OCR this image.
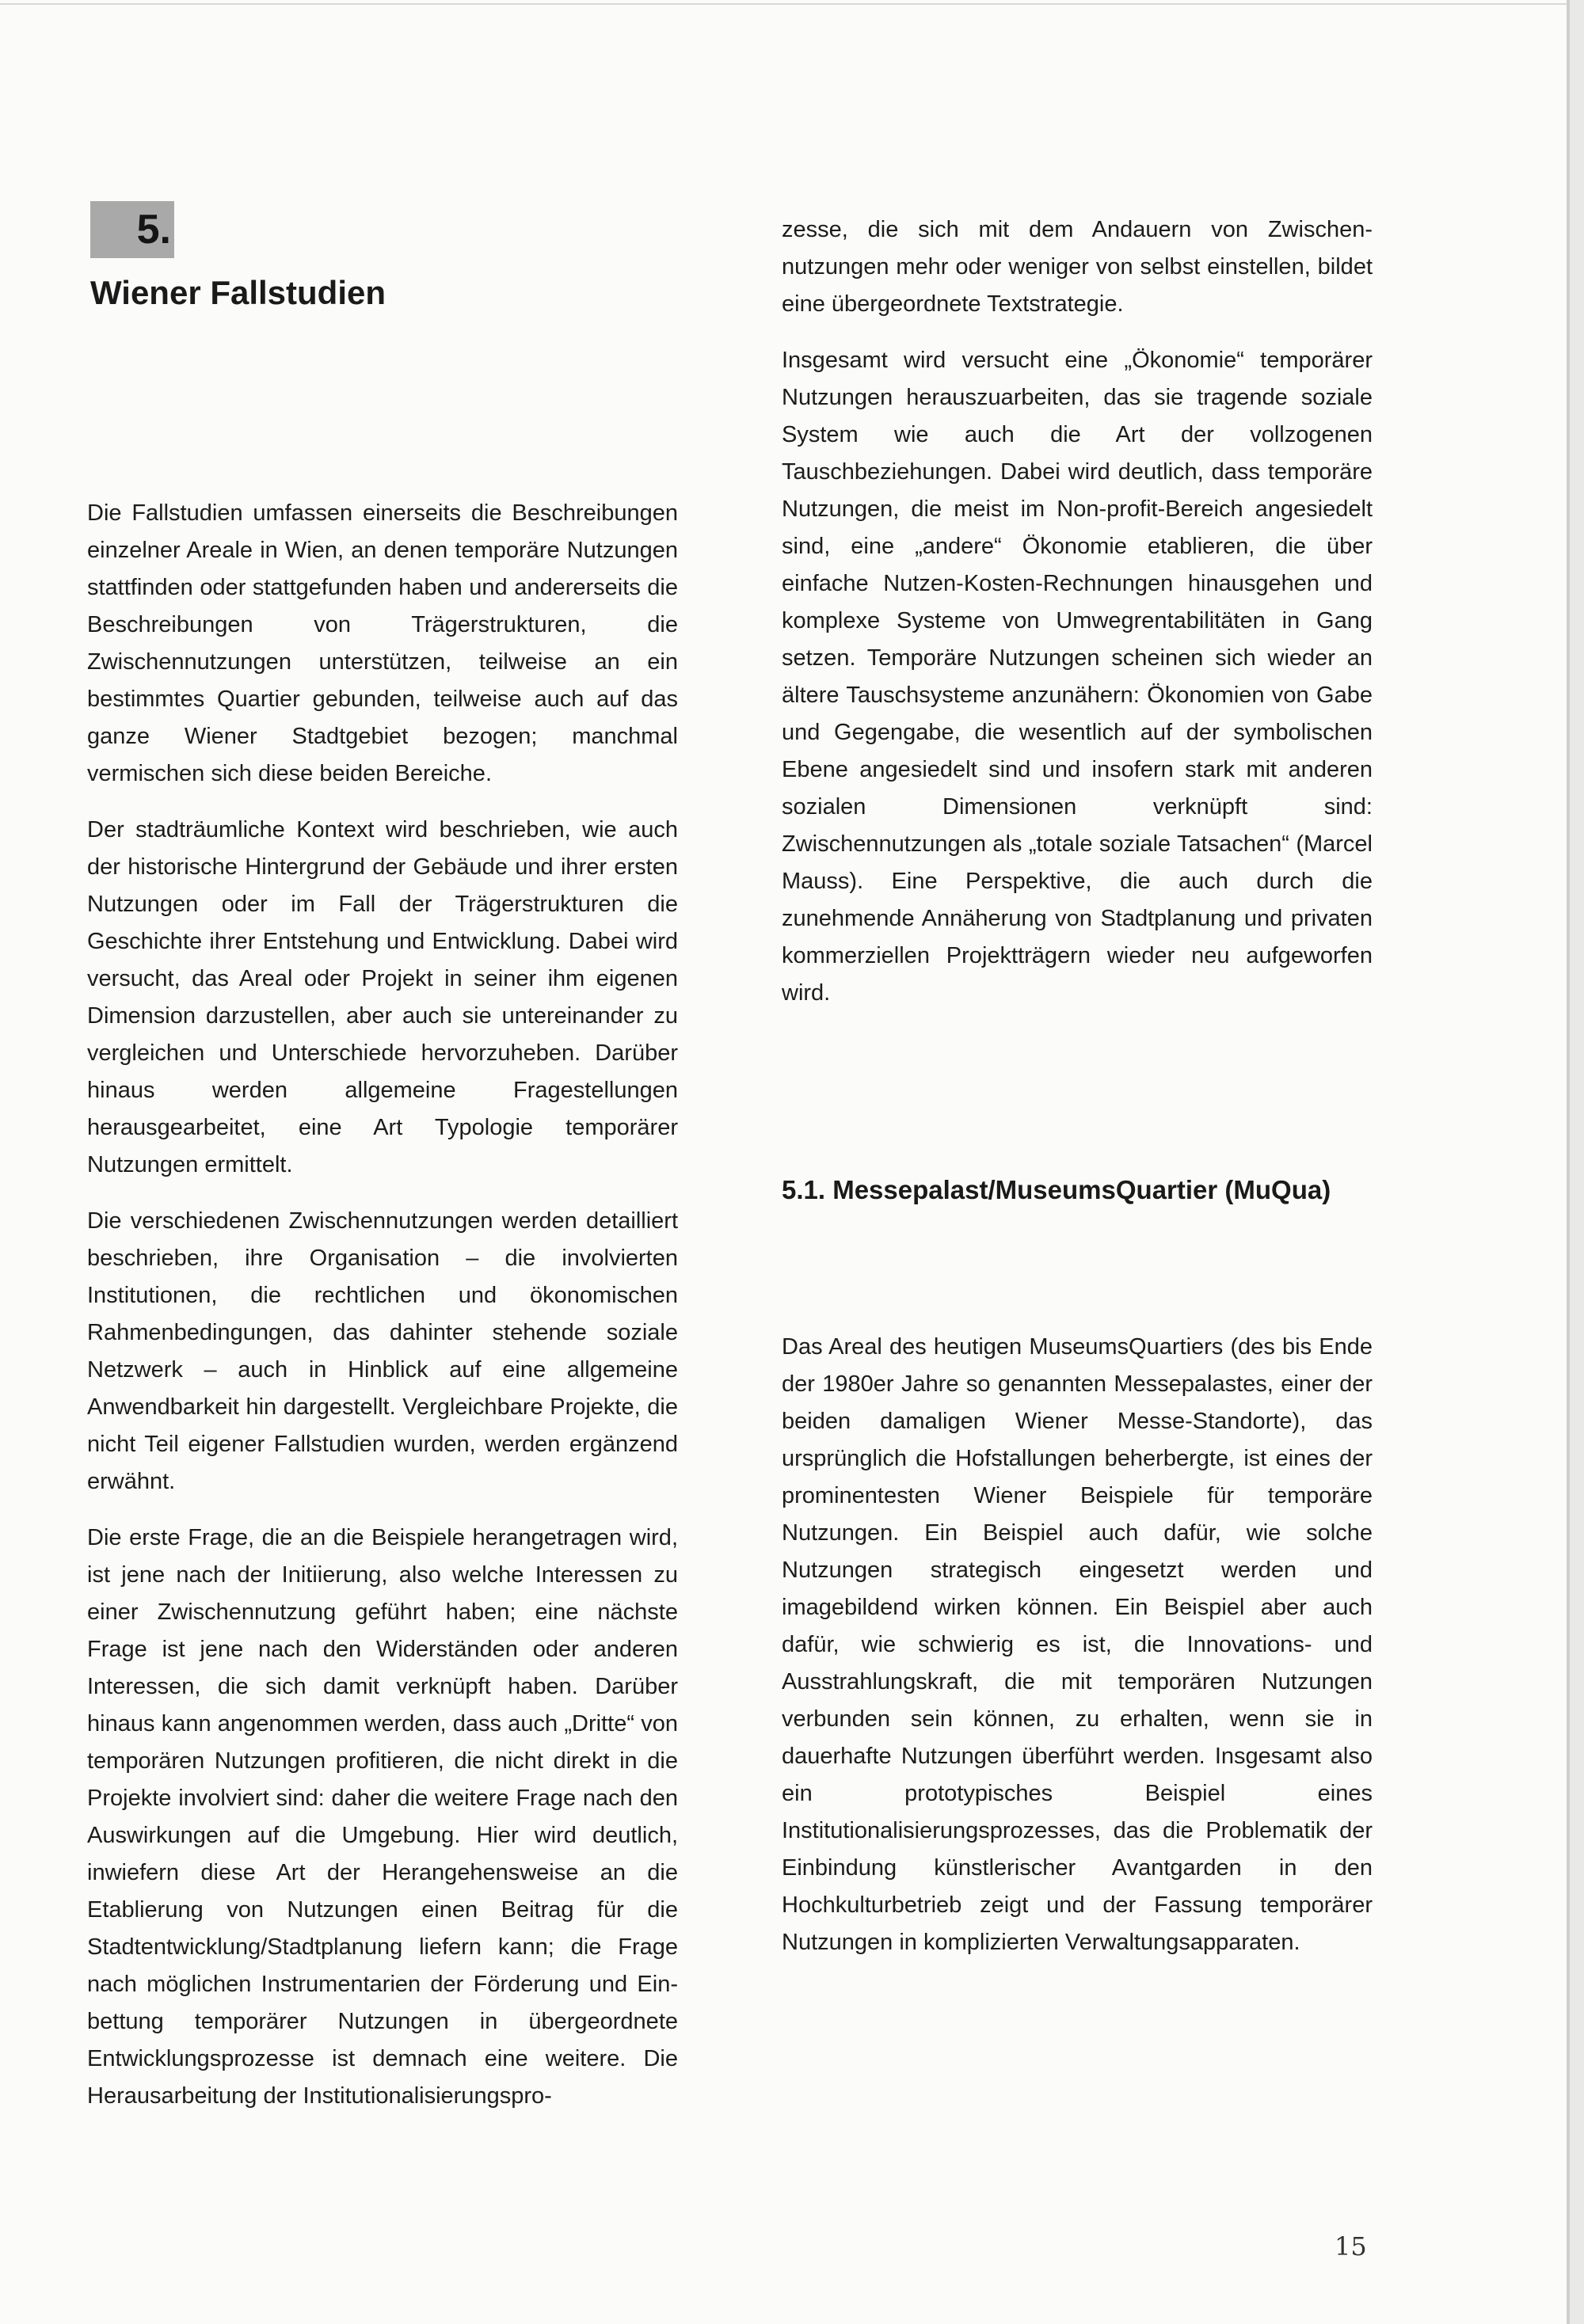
5.
Wiener Fallstudien

Die Fallstudien umfassen einerseits die Beschreibungen einzelner Areale in Wien, an denen temporäre Nutzungen stattfinden oder stattgefunden haben und andererseits die Beschreibungen von Trägerstrukturen, die Zwischennutzungen unterstützen, teilweise an ein bestimmtes Quartier gebunden, teilweise auch auf das ganze Wiener Stadtgebiet bezogen; manchmal vermischen sich diese beiden Bereiche.

Der stadträumliche Kontext wird beschrieben, wie auch der historische Hintergrund der Gebäude und ihrer ersten Nutzungen oder im Fall der Trägerstrukturen die Geschichte ihrer Entstehung und Entwicklung. Dabei wird versucht, das Areal oder Projekt in seiner ihm eigenen Dimension darzustellen, aber auch sie untereinander zu vergleichen und Unterschiede hervorzuheben. Darüber hinaus werden allgemeine Fragestellungen herausgearbeitet, eine Art Typologie temporärer Nutzungen ermittelt.

Die verschiedenen Zwischennutzungen werden detailliert beschrieben, ihre Organisation – die involvierten Institutionen, die rechtlichen und ökonomischen Rahmenbedingungen, das dahinter stehende soziale Netzwerk – auch in Hinblick auf eine allgemeine Anwendbarkeit hin dargestellt. Vergleichbare Projekte, die nicht Teil eigener Fallstudien wurden, werden ergänzend erwähnt.

Die erste Frage, die an die Beispiele herangetragen wird, ist jene nach der Initiierung, also welche Interessen zu einer Zwischennutzung geführt haben; eine nächste Frage ist jene nach den Widerständen oder anderen Interessen, die sich damit verknüpft haben. Darüber hinaus kann angenommen werden, dass auch „Dritte“ von temporären Nutzungen profitieren, die nicht direkt in die Projekte involviert sind: daher die weitere Frage nach den Auswirkungen auf die Umgebung. Hier wird deutlich, inwiefern diese Art der Herangehensweise an die Etablierung von Nutzungen einen Beitrag für die Stadtentwicklung/Stadtplanung liefern kann; die Frage nach möglichen Instrumentarien der Förderung und Einbettung temporärer Nutzungen in übergeordnete Entwicklungsprozesse ist demnach eine weitere. Die Herausarbeitung der Institutionalisierungspro-

zesse, die sich mit dem Andauern von Zwischennutzungen mehr oder weniger von selbst einstellen, bildet eine übergeordnete Textstrategie.

Insgesamt wird versucht eine „Ökonomie“ temporärer Nutzungen herauszuarbeiten, das sie tragende soziale System wie auch die Art der vollzogenen Tauschbeziehungen. Dabei wird deutlich, dass temporäre Nutzungen, die meist im Non-profit-Bereich angesiedelt sind, eine „andere“ Ökonomie etablieren, die über einfache Nutzen-Kosten-Rechnungen hinausgehen und komplexe Systeme von Umwegrentabilitäten in Gang setzen. Temporäre Nutzungen scheinen sich wieder an ältere Tauschsysteme anzunähern: Ökonomien von Gabe und Gegengabe, die wesentlich auf der symbolischen Ebene angesiedelt sind und insofern stark mit anderen sozialen Dimensionen verknüpft sind: Zwischennutzungen als „totale soziale Tatsachen“ (Marcel Mauss). Eine Perspektive, die auch durch die zunehmende Annäherung von Stadtplanung und privaten kommerziellen Projektträgern wieder neu aufgeworfen wird.

5.1. Messepalast/MuseumsQuartier (MuQua)

Das Areal des heutigen MuseumsQuartiers (des bis Ende der 1980er Jahre so genannten Messepalastes, einer der beiden damaligen Wiener Messe-Standorte), das ursprünglich die Hofstallungen beherbergte, ist eines der prominentesten Wiener Beispiele für temporäre Nutzungen. Ein Beispiel auch dafür, wie solche Nutzungen strategisch eingesetzt werden und imagebildend wirken können. Ein Beispiel aber auch dafür, wie schwierig es ist, die Innovations- und Ausstrahlungskraft, die mit temporären Nutzungen verbunden sein können, zu erhalten, wenn sie in dauerhafte Nutzungen überführt werden. Insgesamt also ein prototypisches Beispiel eines Institutionalisierungsprozesses, das die Problematik der Einbindung künstlerischer Avantgarden in den Hochkulturbetrieb zeigt und der Fassung temporärer Nutzungen in komplizierten Verwaltungsapparaten.

15
